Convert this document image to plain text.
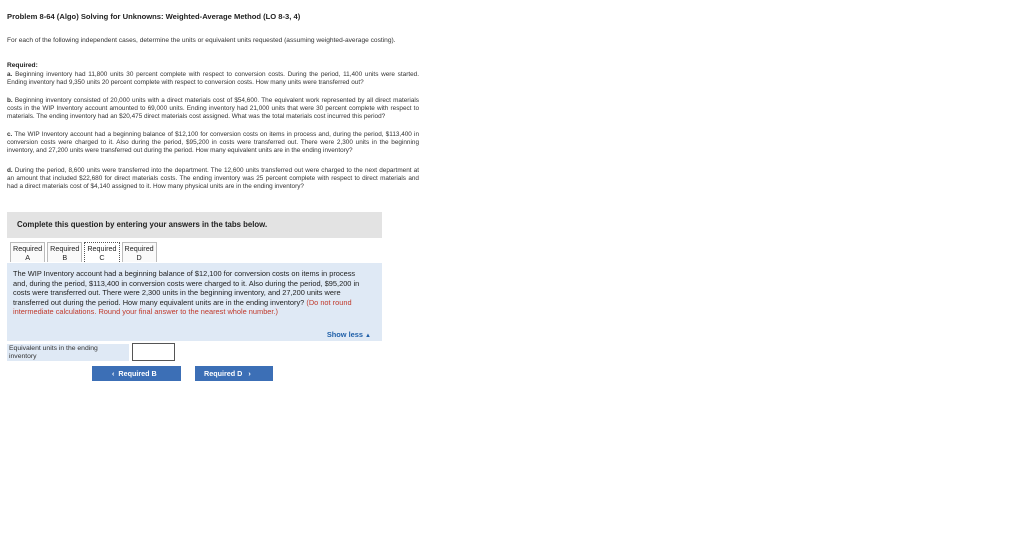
Problem 8-64 (Algo) Solving for Unknowns: Weighted-Average Method (LO 8-3, 4)
For each of the following independent cases, determine the units or equivalent units requested (assuming weighted-average costing).
Required:
a. Beginning inventory had 11,800 units 30 percent complete with respect to conversion costs. During the period, 11,400 units were started. Ending inventory had 9,350 units 20 percent complete with respect to conversion costs. How many units were transferred out?
b. Beginning inventory consisted of 20,000 units with a direct materials cost of $54,600. The equivalent work represented by all direct materials costs in the WIP Inventory account amounted to 69,000 units. Ending inventory had 21,000 units that were 30 percent complete with respect to materials. The ending inventory had an $20,475 direct materials cost assigned. What was the total materials cost incurred this period?
c. The WIP Inventory account had a beginning balance of $12,100 for conversion costs on items in process and, during the period, $113,400 in conversion costs were charged to it. Also during the period, $95,200 in costs were transferred out. There were 2,300 units in the beginning inventory, and 27,200 units were transferred out during the period. How many equivalent units are in the ending inventory?
d. During the period, 8,600 units were transferred into the department. The 12,600 units transferred out were charged to the next department at an amount that included $22,680 for direct materials costs. The ending inventory was 25 percent complete with respect to direct materials and had a direct materials cost of $4,140 assigned to it. How many physical units are in the ending inventory?
Complete this question by entering your answers in the tabs below.
Required
A
Required
B
Required
C
Required
D
The WIP Inventory account had a beginning balance of $12,100 for conversion costs on items in process and, during the period, $113,400 in conversion costs were charged to it. Also during the period, $95,200 in costs were transferred out. There were 2,300 units in the beginning inventory, and 27,200 units were transferred out during the period. How many equivalent units are in the ending inventory? (Do not round intermediate calculations. Round your final answer to the nearest whole number.)
Show less ▲
Equivalent units in the ending inventory
‹ Required B	Required D ›
